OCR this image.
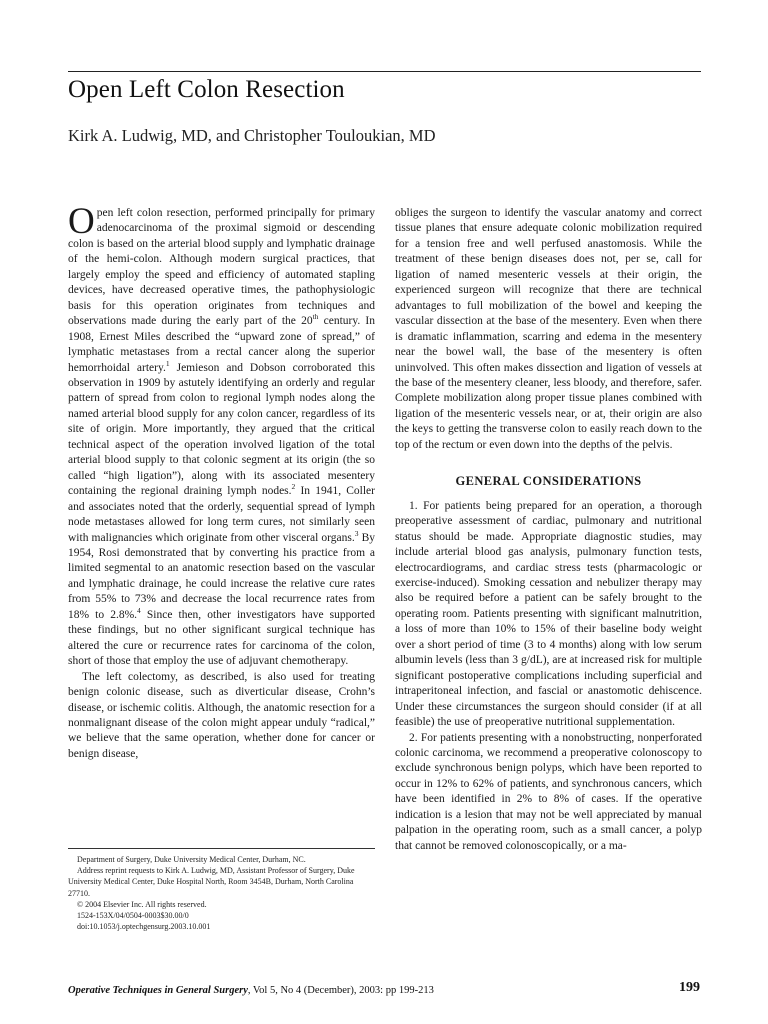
Open Left Colon Resection

Kirk A. Ludwig, MD, and Christopher Touloukian, MD

Open left colon resection, performed principally for primary adenocarcinoma of the proximal sigmoid or descending colon is based on the arterial blood supply and lymphatic drainage of the hemi-colon. Although modern surgical practices, that largely employ the speed and efficiency of automated stapling devices, have decreased operative times, the pathophysiologic basis for this operation originates from techniques and observations made during the early part of the 20th century. In 1908, Ernest Miles described the “upward zone of spread,” of lymphatic metastases from a rectal cancer along the superior hemorrhoidal artery.$^1$ Jemieson and Dobson corroborated this observation in 1909 by astutely identifying an orderly and regular pattern of spread from colon to regional lymph nodes along the named arterial blood supply for any colon cancer, regardless of its site of origin. More importantly, they argued that the critical technical aspect of the operation involved ligation of the total arterial blood supply to that colonic segment at its origin (the so called “high ligation”), along with its associated mesentery containing the regional draining lymph nodes.$^2$ In 1941, Coller and associates noted that the orderly, sequential spread of lymph node metastases allowed for long term cures, not similarly seen with malignancies which originate from other visceral organs.$^3$ By 1954, Rosi demonstrated that by converting his practice from a limited segmental to an anatomic resection based on the vascular and lymphatic drainage, he could increase the relative cure rates from 55% to 73% and decrease the local recurrence rates from 18% to 2.8%.$^4$ Since then, other investigators have supported these findings, but no other significant surgical technique has altered the cure or recurrence rates for carcinoma of the colon, short of those that employ the use of adjuvant chemotherapy.

The left colectomy, as described, is also used for treating benign colonic disease, such as diverticular disease, Crohn’s disease, or ischemic colitis. Although, the anatomic resection for a nonmalignant disease of the colon might appear unduly “radical,” we believe that the same operation, whether done for cancer or benign disease,

obliges the surgeon to identify the vascular anatomy and correct tissue planes that ensure adequate colonic mobilization required for a tension free and well perfused anastomosis. While the treatment of these benign diseases does not, per se, call for ligation of named mesenteric vessels at their origin, the experienced surgeon will recognize that there are technical advantages to full mobilization of the bowel and keeping the vascular dissection at the base of the mesentery. Even when there is dramatic inflammation, scarring and edema in the mesentery near the bowel wall, the base of the mesentery is often uninvolved. This often makes dissection and ligation of vessels at the base of the mesentery cleaner, less bloody, and therefore, safer. Complete mobilization along proper tissue planes combined with ligation of the mesenteric vessels near, or at, their origin are also the keys to getting the transverse colon to easily reach down to the top of the rectum or even down into the depths of the pelvis.

GENERAL CONSIDERATIONS

1. For patients being prepared for an operation, a thorough preoperative assessment of cardiac, pulmonary and nutritional status should be made. Appropriate diagnostic studies, may include arterial blood gas analysis, pulmonary function tests, electrocardiograms, and cardiac stress tests (pharmacologic or exercise-induced). Smoking cessation and nebulizer therapy may also be required before a patient can be safely brought to the operating room. Patients presenting with significant malnutrition, a loss of more than 10% to 15% of their baseline body weight over a short period of time (3 to 4 months) along with low serum albumin levels (less than 3 g/dL), are at increased risk for multiple significant postoperative complications including superficial and intraperitoneal infection, and fascial or anastomotic dehiscence. Under these circumstances the surgeon should consider (if at all feasible) the use of preoperative nutritional supplementation.

2. For patients presenting with a nonobstructing, nonperforated colonic carcinoma, we recommend a preoperative colonoscopy to exclude synchronous benign polyps, which have been reported to occur in 12% to 62% of patients, and synchronous cancers, which have been identified in 2% to 8% of cases. If the operative indication is a lesion that may not be well appreciated by manual palpation in the operating room, such as a small cancer, a polyp that cannot be removed colonoscopically, or a ma-

Department of Surgery, Duke University Medical Center, Durham, NC.

Address reprint requests to Kirk A. Ludwig, MD, Assistant Professor of Surgery, Duke University Medical Center, Duke Hospital North, Room 3454B, Durham, North Carolina 27710.

© 2004 Elsevier Inc. All rights reserved.

1524-153X/04/0504-0003$30.00/0

doi:10.1053/j.optechgensurg.2003.10.001

Operative Techniques in General Surgery, Vol 5, No 4 (December), 2003: pp 199-213	199
